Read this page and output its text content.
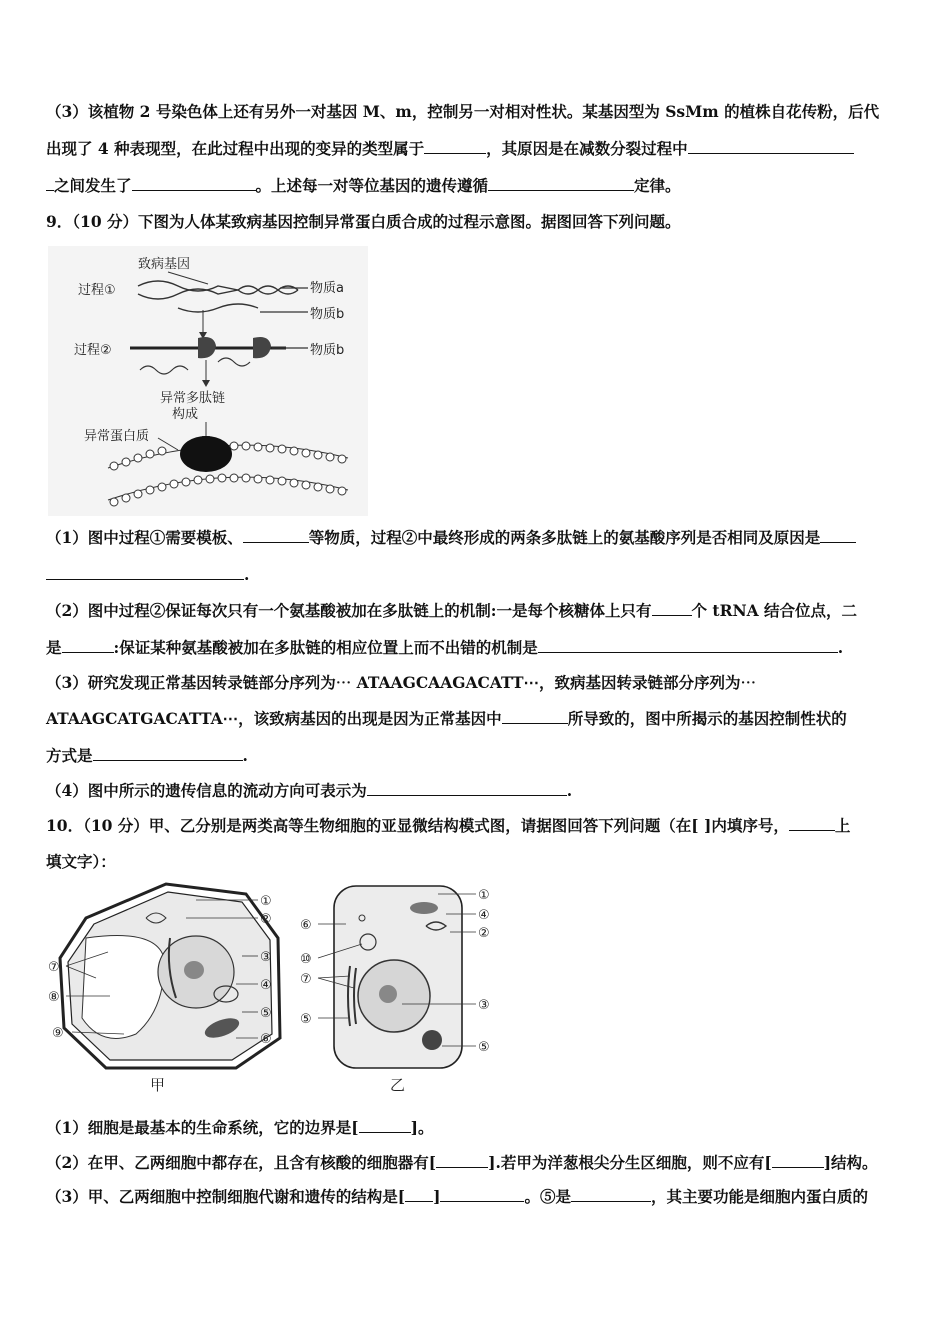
（3）该植物 2 号染色体上还有另外一对基因 M、m，控制另一对相对性状。某基因型为 SsMm 的植株自花传粉，后代
出现了 4 种表现型，在此过程中出现的变异的类型属于	，其原因是在减数分裂过程中
之间发生了	。上述每一对等位基因的遗传遵循	定律。
9．（10 分）下图为人体某致病基因控制异常蛋白质合成的过程示意图。据图回答下列问题。
致病基因
过程①	物质a
物质b
过程②	物质b
异常多肽链
构成
异常蛋白质
（1）图中过程①需要模板、	等物质，过程②中最终形成的两条多肽链上的氨基酸序列是否相同及原因是
.
（2）图中过程②保证每次只有一个氨基酸被加在多肽链上的机制:一是每个核糖体上只有	个 tRNA 结合位点，二
是	:保证某种氨基酸被加在多肽链的相应位置上而不出错的机制是	.
（3）研究发现正常基因转录链部分序列为⋯ ATAAGCAAGACATT⋯，致病基因转录链部分序列为⋯
ATAAGCATGACATTA⋯，该致病基因的出现是因为正常基因中	所导致的，图中所揭示的基因控制性状的
方式是	.
（4）图中所示的遗传信息的流动方向可表示为	.
10．（10 分）甲、乙分别是两类高等生物细胞的亚显微结构模式图，请据图回答下列问题（在[ ]内填序号，	上
填文字）：
①
②
③
④
⑤
⑥
⑦
⑧
⑨
甲
①
④
②
⑥
⑩
⑦
③
⑤
⑤
乙
（1）细胞是最基本的生命系统，它的边界是[	]。
（2）在甲、乙两细胞中都存在，且含有核酸的细胞器有[	].若甲为洋葱根尖分生区细胞，则不应有[	]结构。
（3）甲、乙两细胞中控制细胞代谢和遗传的结构是[ ]	。⑤是	，其主要功能是细胞内蛋白质的
